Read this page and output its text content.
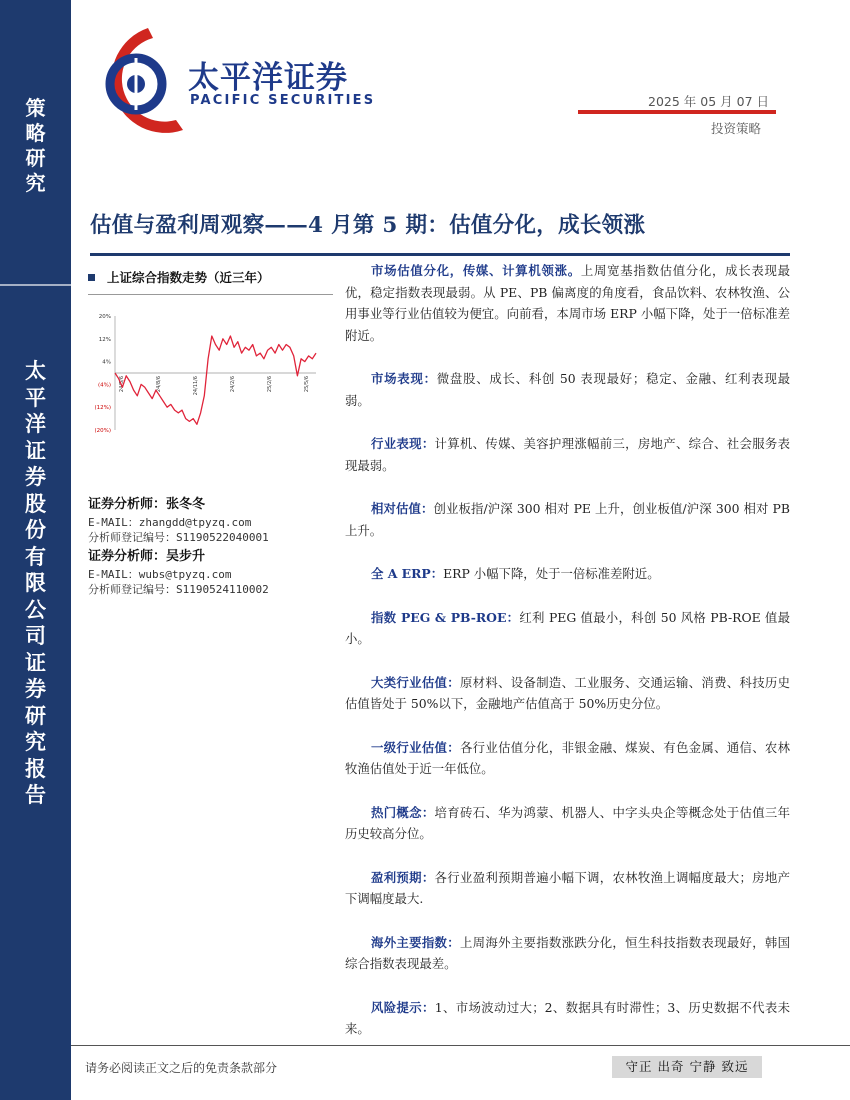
策
略
研
究
太
平
洋
证
券
股
份
有
限
公
司
证
券
研
究
报
告
太平洋证券
PACIFIC SECURITIES	2025 年 05 月 07 日
投资策略
估值与盈利周观察——4 月第 5 期：估值分化，成长领涨
上证综合指数走势（近三年）
20%
12%
4%
(4%)
(12%)
(20%)
24/5/6	24/8/6	24/11/6	24/2/6	25/2/6	25/5/6
证券分析师：张冬冬
E-MAIL：zhangdd@tpyzq.com
分析师登记编号：S1190522040001
证券分析师：吴步升
E-MAIL：wubs@tpyzq.com
分析师登记编号：S1190524110002

市场估值分化，传媒、计算机领涨。上周宽基指数估值分化，成长表现最优，稳定指数表现最弱。从 PE、PB 偏离度的角度看，食品饮料、农林牧渔、公用事业等行业估值较为便宜。向前看，本周市场 ERP 小幅下降，处于一倍标准差附近。

市场表现：微盘股、成长、科创 50 表现最好；稳定、金融、红利表现最弱。

行业表现：计算机、传媒、美容护理涨幅前三，房地产、综合、社会服务表现最弱。

相对估值：创业板指/沪深 300 相对 PE 上升，创业板值/沪深 300 相对 PB 上升。

全 A ERP：ERP 小幅下降，处于一倍标准差附近。

指数 PEG & PB-ROE：红利 PEG 值最小，科创 50 风格 PB-ROE 值最小。

大类行业估值：原材料、设备制造、工业服务、交通运输、消费、科技历史估值皆处于 50%以下，金融地产估值高于 50%历史分位。

一级行业估值：各行业估值分化，非银金融、煤炭、有色金属、通信、农林牧渔估值处于近一年低位。

热门概念：培育砖石、华为鸿蒙、机器人、中字头央企等概念处于估值三年历史较高分位。

盈利预期：各行业盈利预期普遍小幅下调，农林牧渔上调幅度最大；房地产下调幅度最大.

海外主要指数：上周海外主要指数涨跌分化，恒生科技指数表现最好，韩国综合指数表现最差。

风险提示：1、市场波动过大；2、数据具有时滞性；3、历史数据不代表未来。

请务必阅读正文之后的免责条款部分	守正 出奇 宁静 致远
